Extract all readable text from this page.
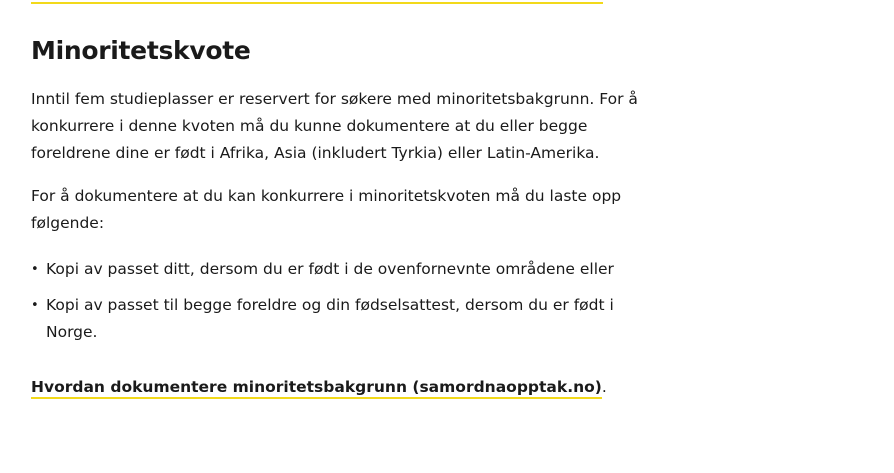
Minoritetskvote

Inntil fem studieplasser er reservert for søkere med minoritetsbakgrunn. For å konkurrere i denne kvoten må du kunne dokumentere at du eller begge foreldrene dine er født i Afrika, Asia (inkludert Tyrkia) eller Latin-Amerika.

For å dokumentere at du kan konkurrere i minoritetskvoten må du laste opp følgende:

• Kopi av passet ditt, dersom du er født i de ovenfornevnte områdene eller
• Kopi av passet til begge foreldre og din fødselsattest, dersom du er født i Norge.
Hvordan dokumentere minoritetsbakgrunn (samordnaopptak.no).
